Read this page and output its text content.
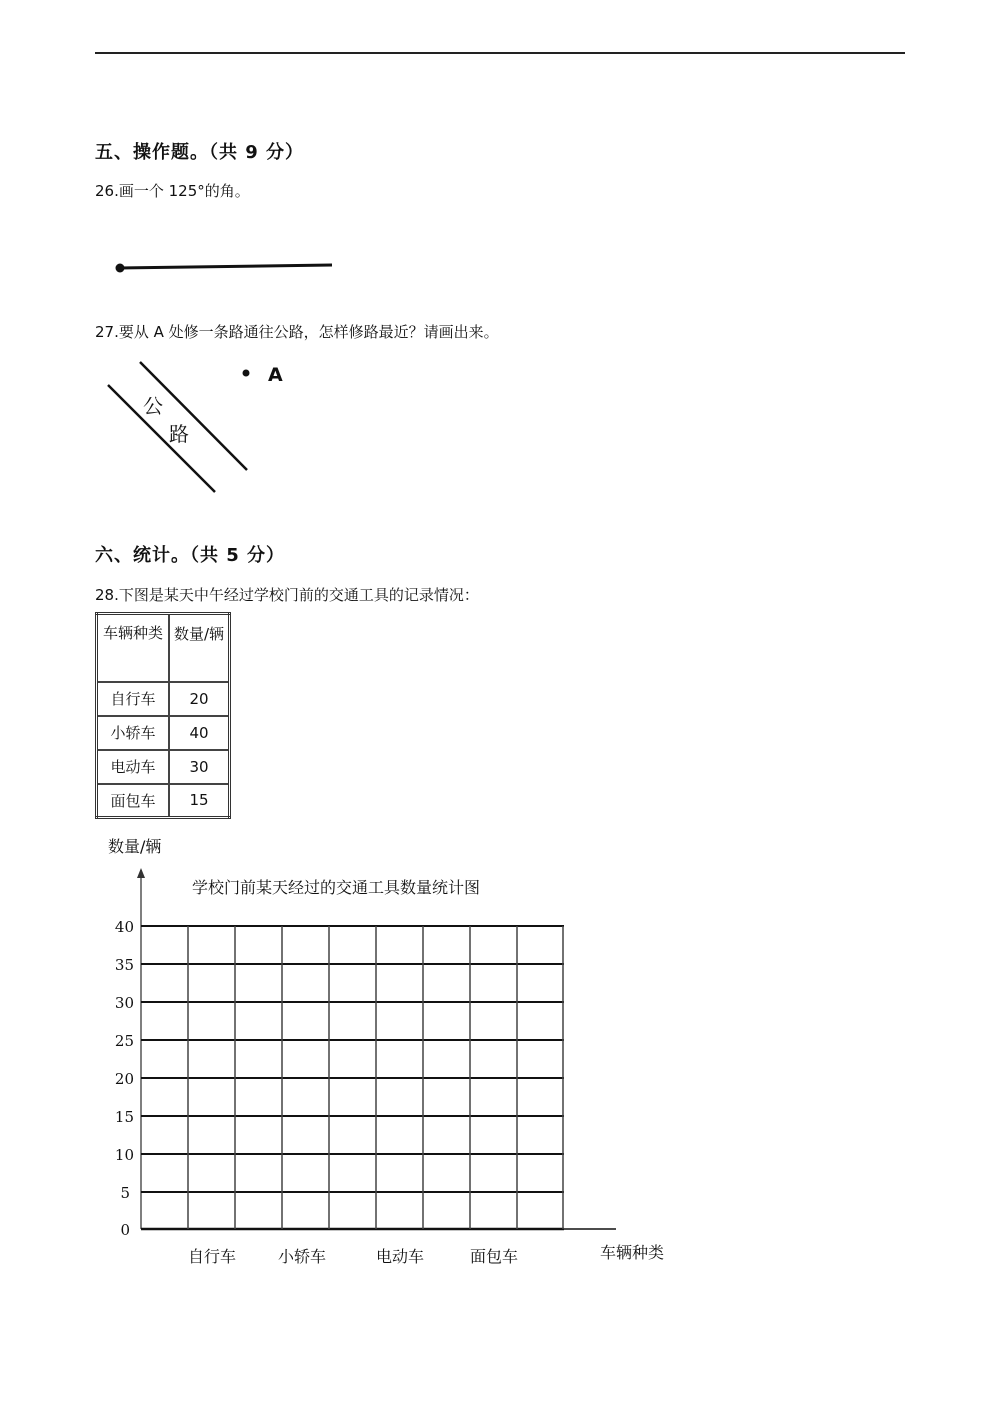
五、操作题。（共 9 分）
26.画一个 125°的角。
27.要从 A 处修一条路通往公路，怎样修路最近？请画出来。
公
路
A
六、统计。（共 5 分）
28.下图是某天中午经过学校门前的交通工具的记录情况：
车辆种类	数量/辆
自行车	20
小轿车	40
电动车	30
面包车	15
数量/辆
学校门前某天经过的交通工具数量统计图
40
35
30
25
20
15
10
5
0
自行车	小轿车	电动车	面包车	车辆种类
